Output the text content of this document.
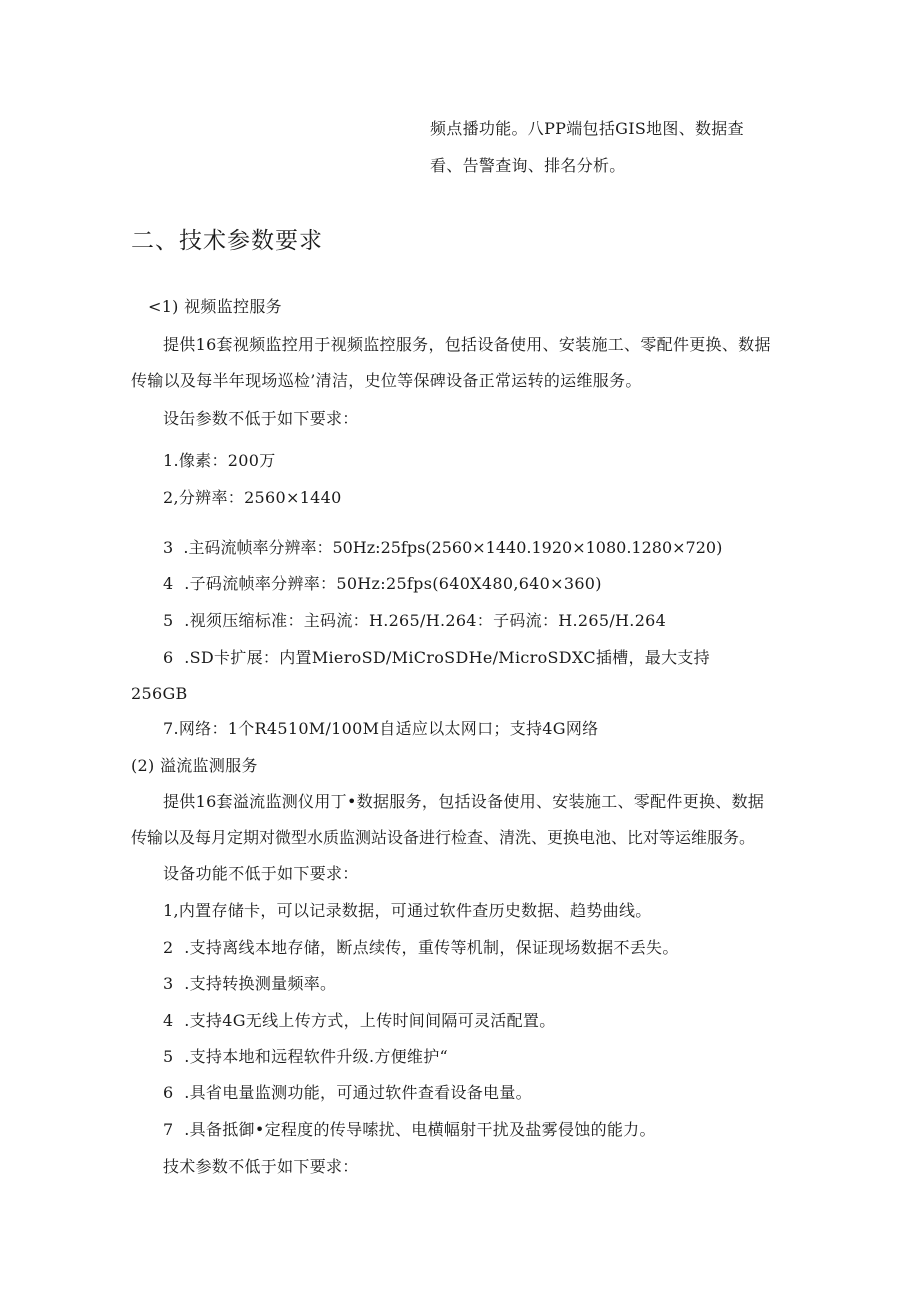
频点播功能。八PP端包括GIS地图、数据查
看、告警查询、排名分析。
二、技术参数要求
<1) 视频监控服务
提供16套视频监控用于视频监控服务，包括设备使用、安装施工、零配件更换、数据
传输以及每半年现场巡检’清洁，史位等保碑设备正常运转的运维服务。
设缶参数不低于如下要求：
1.像素：200万
2,分辨率：2560×1440
3  .主码流帧率分辨率：50Hz:25fps(2560×1440.1920×1080.1280×720)
4  .子码流帧率分辨率：50Hz:25fps(640X480,640×360)
5  .视须压缩标准：主码流：H.265/H.264：子码流：H.265/H.264
6  .SD卡扩展：内置MieroSD/MiCroSDHe/MicroSDXC插槽，最大支持
256GB
7.网络：1个R4510M/100M自适应以太网口；支持4G网络
(2) 溢流监测服务
提供16套溢流监测仪用丁•数据服务，包括设备使用、安装施工、零配件更换、数据
传输以及每月定期对微型水质监测站设备进行检查、清洗、更换电池、比对等运维服务。
设备功能不低于如下要求：
1,内置存储卡，可以记录数据，可通过软件查历史数据、趋势曲线。
2  .支持离线本地存储，断点续传，重传等机制，保证现场数据不丢失。
3  .支持转换测量频率。
4  .支持4G无线上传方式，上传时间间隔可灵活配置。
5  .支持本地和远程软件升级.方便维护“
6  .具省电量监测功能，可通过软件查看设备电量。
7  .具备抵御•定程度的传导嗦扰、电横幅射干扰及盐雾侵蚀的能力。
技术参数不低于如下要求：
